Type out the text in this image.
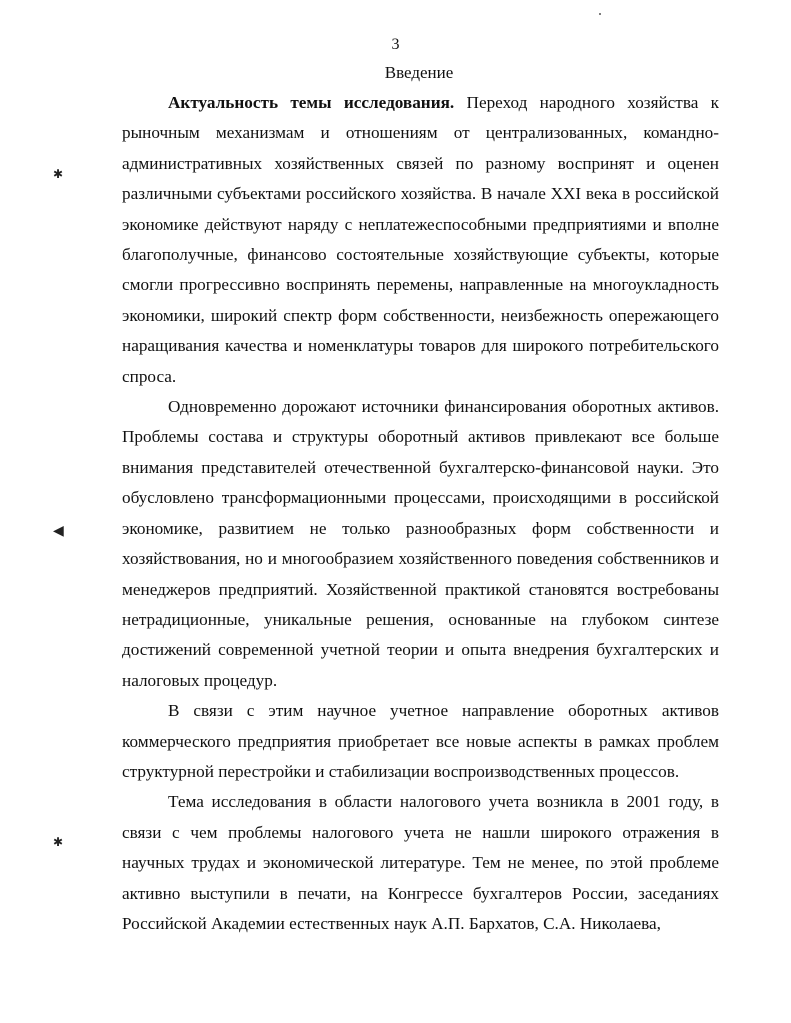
3
Введение
✱
◀
✱

Актуальность темы исследования. Переход народного хозяйства к рыночным механизмам и отношениям от централизованных, командно-административных хозяйственных связей по разному воспринят и оценен различными субъектами российского хозяйства. В начале XXI века в российской экономике действуют наряду с неплатежеспособными предприятиями и вполне благополучные, финансово состоятельные хозяйствующие субъекты, которые смогли прогрессивно воспринять перемены, направленные на многоукладность экономики, широкий спектр форм собственности, неизбежность опережающего наращивания качества и номенклатуры товаров для широкого потребительского спроса.

Одновременно дорожают источники финансирования оборотных активов. Проблемы состава и структуры оборотный активов привлекают все больше внимания представителей отечественной бухгалтерско-финансовой науки. Это обусловлено трансформационными процессами, происходящими в российской экономике, развитием не только разнообразных форм собственности и хозяйствования, но и многообразием хозяйственного поведения собственников и менеджеров предприятий. Хозяйственной практикой становятся востребованы нетрадиционные, уникальные решения, основанные на глубоком синтезе достижений современной учетной теории и опыта внедрения бухгалтерских и налоговых процедур.

В связи с этим научное учетное направление оборотных активов коммерческого предприятия приобретает все новые аспекты в рамках проблем структурной перестройки и стабилизации воспроизводственных процессов.

Тема исследования в области налогового учета возникла в 2001 году, в связи с чем проблемы налогового учета не нашли широкого отражения в научных трудах и экономической литературе. Тем не менее, по этой проблеме активно выступили в печати, на Конгрессе бухгалтеров России, заседаниях Российской Академии естественных наук А.П. Бархатов, С.А. Николаева,
